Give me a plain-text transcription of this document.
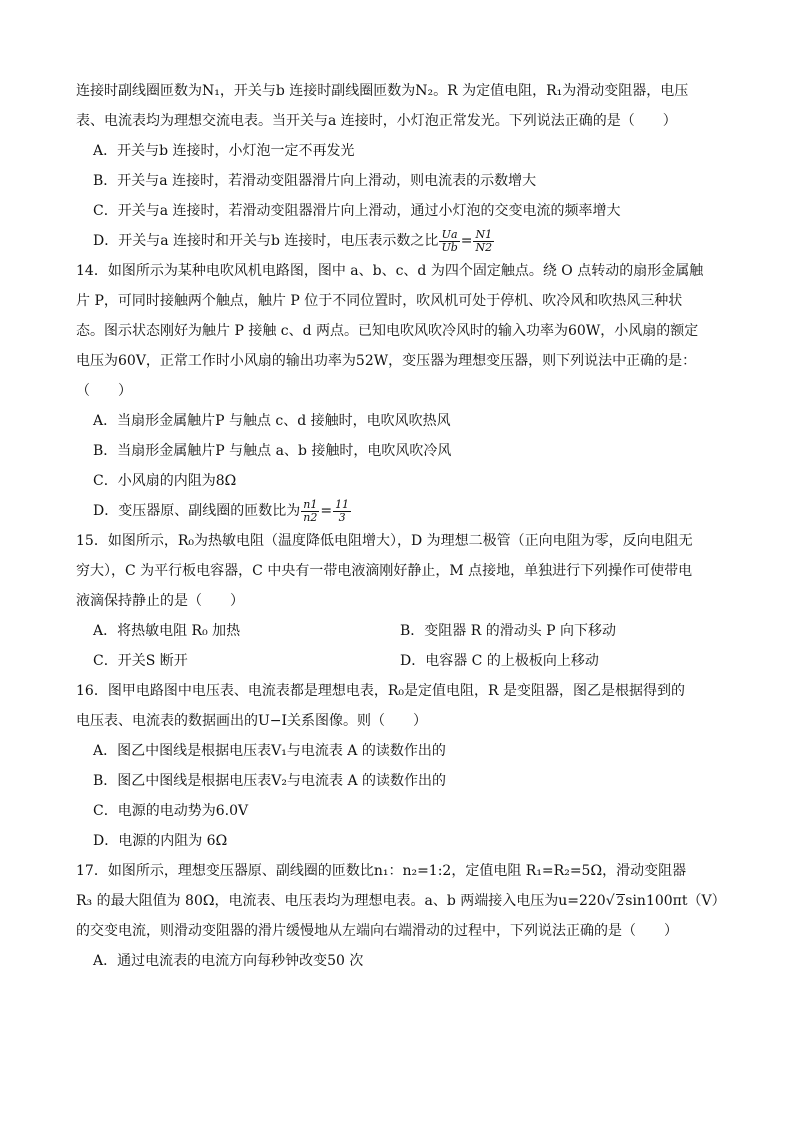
连接时副线圈匝数为N₁，开关与b 连接时副线圈匝数为N₂。R 为定值电阻，R₁为滑动变阻器，电压
表、电流表均为理想交流电表。当开关与a 连接时，小灯泡正常发光。下列说法正确的是（　　）
A．开关与b 连接时，小灯泡一定不再发光
B．开关与a 连接时，若滑动变阻器滑片向上滑动，则电流表的示数增大
C．开关与a 连接时，若滑动变阻器滑片向上滑动，通过小灯泡的交变电流的频率增大
D．开关与a 连接时和开关与b 连接时，电压表示数之比 $\frac{Ua}{Ub} = \frac{N1}{N2}$
14．如图所示为某种电吹风机电路图，图中 a、b、c、d 为四个固定触点。绕 O 点转动的扇形金属触
片 P，可同时接触两个触点，触片 P 位于不同位置时，吹风机可处于停机、吹冷风和吹热风三种状
态。图示状态刚好为触片 P 接触 c、d 两点。已知电吹风吹冷风时的输入功率为60W，小风扇的额定
电压为60V，正常工作时小风扇的输出功率为52W，变压器为理想变压器，则下列说法中正确的是：
（　　）
A．当扇形金属触片P 与触点 c、d 接触时，电吹风吹热风
B．当扇形金属触片P 与触点 a、b 接触时，电吹风吹冷风
C．小风扇的内阻为8Ω
D．变压器原、副线圈的匝数比为 $\frac{n1}{n2} = \frac{11}{3}$
15．如图所示，R₀为热敏电阻（温度降低电阻增大），D 为理想二极管（正向电阻为零，反向电阻无
穷大），C 为平行板电容器，C 中央有一带电液滴刚好静止，M 点接地，单独进行下列操作可使带电
液滴保持静止的是（　　）
A．将热敏电阻 R₀ 加热	B．变阻器 R 的滑动头 P 向下移动
C．开关S 断开	D．电容器 C 的上极板向上移动
16．图甲电路图中电压表、电流表都是理想电表，R₀是定值电阻，R 是变阻器，图乙是根据得到的
电压表、电流表的数据画出的U−I关系图像。则（　　）
A．图乙中图线是根据电压表V₁与电流表 A 的读数作出的
B．图乙中图线是根据电压表V₂与电流表 A 的读数作出的
C．电源的电动势为6.0V
D．电源的内阻为 6Ω
17．如图所示，理想变压器原、副线圈的匝数比n₁：n₂=1:2，定值电阻 R₁=R₂=5Ω，滑动变阻器
R₃ 的最大阻值为 80Ω，电流表、电压表均为理想电表。a、b 两端接入电压为u=220√ 2sin100πt（V）
的交变电流，则滑动变阻器的滑片缓慢地从左端向右端滑动的过程中，下列说法正确的是（　　）
A．通过电流表的电流方向每秒钟改变50 次
